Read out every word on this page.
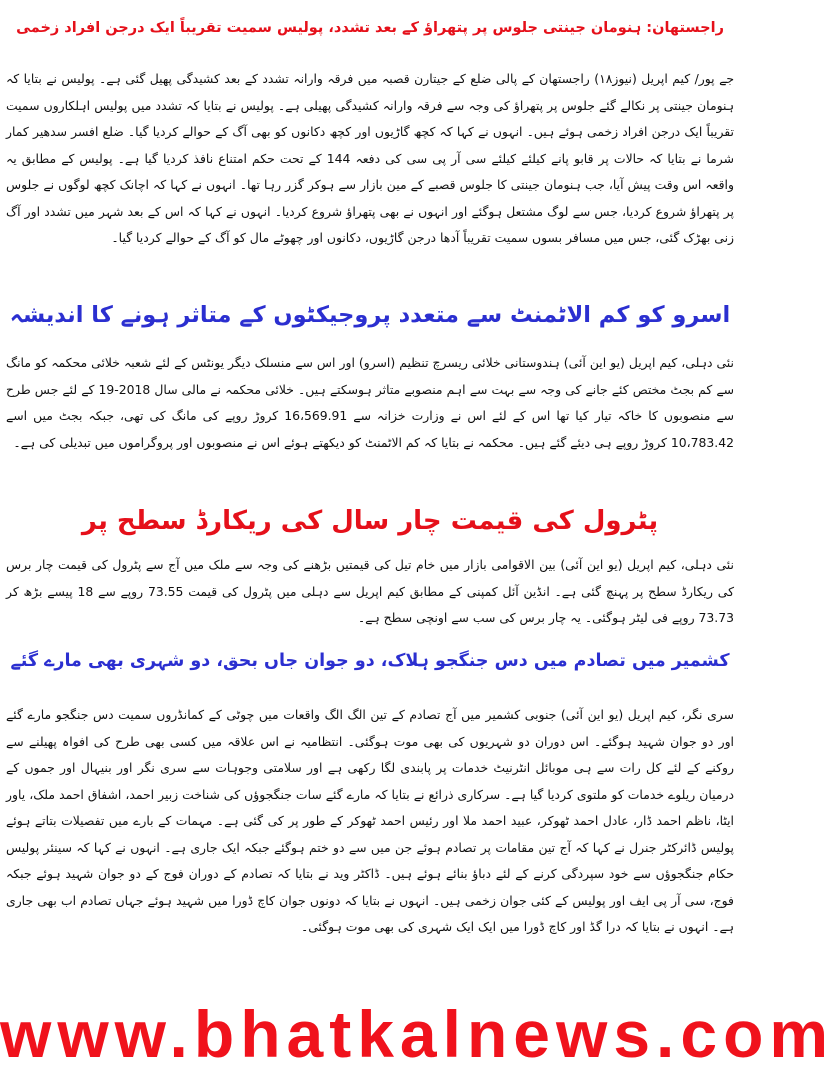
راجستھان: ہنومان جینتی جلوس پر پتھراؤ کے بعد تشدد، پولیس سمیت تقریباً ایک درجن افراد زخمی

جے پور/ کیم اپریل (نیوز۱۸) راجستھان کے پالی ضلع کے جیتارن قصبہ میں فرقہ وارانہ تشدد کے بعد کشیدگی پھیل گئی ہے۔ پولیس نے بتایا کہ ہنومان جینتی پر نکالے گئے جلوس پر پتھراؤ کی وجہ سے فرقہ وارانہ کشیدگی پھیلی ہے۔ پولیس نے بتایا کہ تشدد میں پولیس اہلکاروں سمیت تقریباً ایک درجن افراد زخمی ہوئے ہیں۔ انہوں نے کہا کہ کچھ گاڑیوں اور کچھ دکانوں کو بھی آگ کے حوالے کردیا گیا۔ ضلع افسر سدھیر کمار شرما نے بتایا کہ حالات پر قابو پانے کیلئے کیلئے سی آر پی سی کی دفعہ 144 کے تحت حکم امتناع نافذ کردیا گیا ہے۔ پولیس کے مطابق یہ واقعہ اس وقت پیش آیا، جب ہنومان جینتی کا جلوس قصبے کے مین بازار سے ہوکر گزر رہا تھا۔ انہوں نے کہا کہ اچانک کچھ لوگوں نے جلوس پر پتھراؤ شروع کردیا، جس سے لوگ مشتعل ہوگئے اور انہوں نے بھی پتھراؤ شروع کردیا۔ انہوں نے کہا کہ اس کے بعد شہر میں تشدد اور آگ زنی بھڑک گئی، جس میں مسافر بسوں سمیت تقریباً آدھا درجن گاڑیوں، دکانوں اور چھوٹے مال کو آگ کے حوالے کردیا گیا۔

اسرو کو کم الاٹمنٹ سے متعدد پروجیکٹوں کے متاثر ہونے کا اندیشہ

نئی دہلی، کیم اپریل (یو این آئی) ہندوستانی خلائی ریسرچ تنظیم (اسرو) اور اس سے منسلک دیگر یونٹس کے لئے شعبہ خلائی محکمہ کو مانگ سے کم بجٹ مختص کئے جانے کی وجہ سے بہت سے اہم منصوبے متاثر ہوسکتے ہیں۔ خلائی محکمہ نے مالی سال 2018-19 کے لئے جس طرح سے منصوبوں کا خاکہ تیار کیا تھا اس کے لئے اس نے وزارت خزانہ سے 16،569.91 کروڑ روپے کی مانگ کی تھی، جبکہ بجٹ میں اسے 10،783.42 کروڑ روپے ہی دیئے گئے ہیں۔ محکمہ نے بتایا کہ کم الاٹمنٹ کو دیکھتے ہوئے اس نے منصوبوں اور پروگراموں میں تبدیلی کی ہے۔

پٹرول کی قیمت چار سال کی ریکارڈ سطح پر

نئی دہلی، کیم اپریل (یو این آئی) بین الاقوامی بازار میں خام تیل کی قیمتیں بڑھنے کی وجہ سے ملک میں آج سے پٹرول کی قیمت چار برس کی ریکارڈ سطح پر پہنچ گئی ہے۔ انڈین آئل کمپنی کے مطابق کیم اپریل سے دہلی میں پٹرول کی قیمت 73.55 روپے سے 18 پیسے بڑھ کر 73.73 روپے فی لیٹر ہوگئی۔ یہ چار برس کی سب سے اونچی سطح ہے۔

کشمیر میں تصادم میں دس جنگجو ہلاک، دو جوان جاں بحق، دو شہری بھی مارے گئے

سری نگر، کیم اپریل (یو این آئی) جنوبی کشمیر میں آج تصادم کے تین الگ الگ واقعات میں چوٹی کے کمانڈروں سمیت دس جنگجو مارے گئے اور دو جوان شہید ہوگئے۔ اس دوران دو شہریوں کی بھی موت ہوگئی۔ انتظامیہ نے اس علاقہ میں کسی بھی طرح کی افواہ پھیلنے سے روکنے کے لئے کل رات سے ہی موبائل انٹرنیٹ خدمات پر پابندی لگا رکھی ہے اور سلامتی وجوہات سے سری نگر اور بنیہال اور جموں کے درمیان ریلوے خدمات کو ملتوی کردیا گیا ہے۔ سرکاری ذرائع نے بتایا کہ مارے گئے سات جنگجوؤں کی شناخت زبیر احمد، اشفاق احمد ملک، یاور ایٹا، ناظم احمد ڈار، عادل احمد ٹھوکر، عبید احمد ملا اور رئیس احمد ٹھوکر کے طور پر کی گئی ہے۔ مہمات کے بارے میں تفصیلات بتاتے ہوئے پولیس ڈائرکٹر جنرل نے کہا کہ آج تین مقامات پر تصادم ہوئے جن میں سے دو ختم ہوگئے جبکہ ایک جاری ہے۔ انہوں نے کہا کہ سینئر پولیس حکام جنگجوؤں سے خود سپردگی کرنے کے لئے دباؤ بنائے ہوئے ہیں۔ ڈاکٹر وید نے بتایا کہ تصادم کے دوران فوج کے دو جوان شہید ہوئے جبکہ فوج، سی آر پی ایف اور پولیس کے کئی جوان زخمی ہیں۔ انہوں نے بتایا کہ دونوں جوان کاچ ڈورا میں شہید ہوئے جہاں تصادم اب بھی جاری ہے۔ انہوں نے بتایا کہ درا گڈ اور کاچ ڈورا میں ایک ایک شہری کی بھی موت ہوگئی۔

www.bhatkalnews.com
